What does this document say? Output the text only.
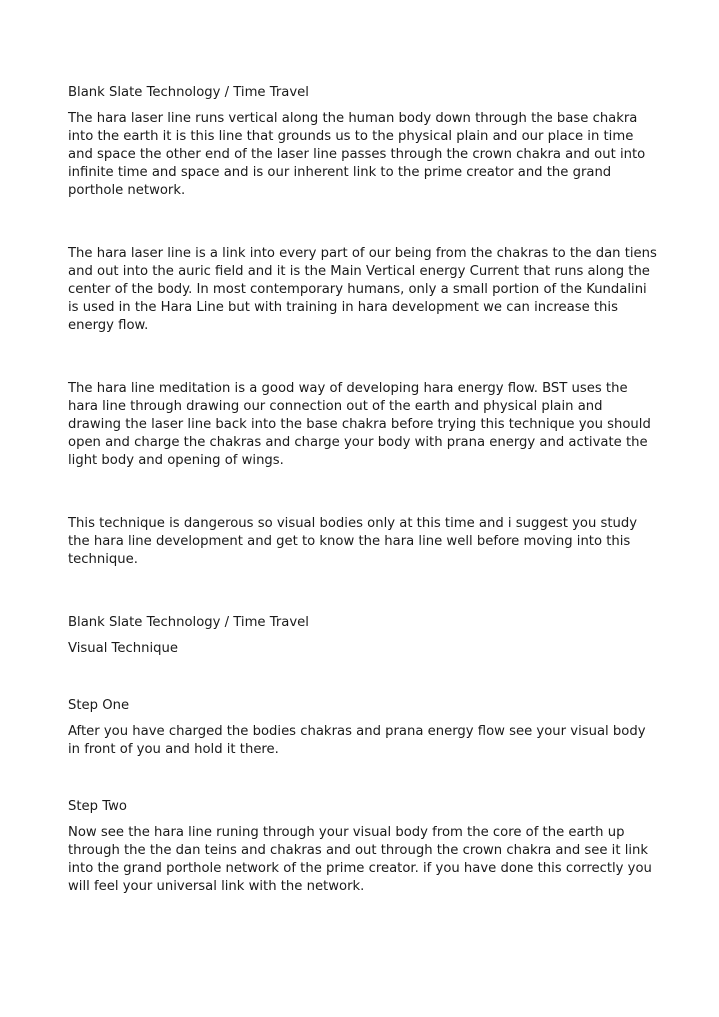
Blank Slate Technology / Time Travel

The hara laser line runs vertical along the human body down through the base chakra into the earth it is this line that grounds us to the physical plain and our place in time and space the other end of the laser line passes through the crown chakra and out into infinite time and space and is our inherent link to the prime creator and the grand porthole network.

The hara laser line is a link into every part of our being from the chakras to the dan tiens and out into the auric field and it is the Main Vertical energy Current that runs along the center of the body. In most contemporary humans, only a small portion of the Kundalini is used in the Hara Line but with training in hara development we can increase this energy flow.

The hara line meditation is a good way of developing hara energy flow. BST uses the hara line through drawing our connection out of the earth and physical plain and drawing the laser line back into the base chakra before trying this technique you should open and charge the chakras and charge your body with prana energy and activate the light body and opening of wings.

This technique is dangerous so visual bodies only at this time and i suggest you study the hara line development and get to know the hara line well before moving into this technique.

Blank Slate Technology / Time Travel

Visual Technique

Step One

After you have charged the bodies chakras and prana energy flow see your visual body in front of you and hold it there.

Step Two

Now see the hara line runing through your visual body from the core of the earth up through the the dan teins and chakras and out through the crown chakra and see it link into the grand porthole network of the prime creator. if you have done this correctly you will feel your universal link with the network.
